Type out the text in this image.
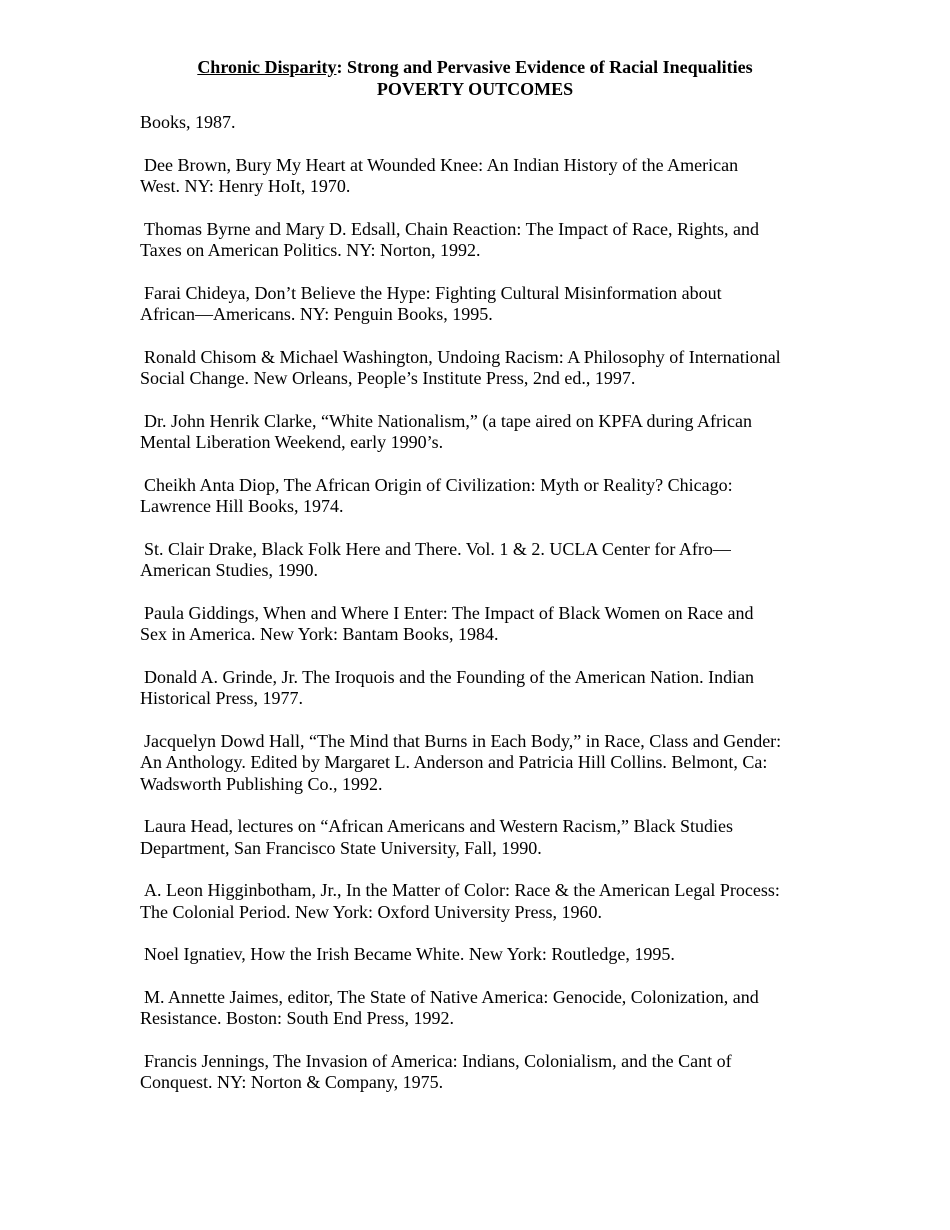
Chronic Disparity: Strong and Pervasive Evidence of Racial Inequalities
POVERTY OUTCOMES

Books, 1987.

Dee Brown, Bury My Heart at Wounded Knee: An Indian History of the American
West. NY: Henry HoIt, 1970.

Thomas Byrne and Mary D. Edsall, Chain Reaction: The Impact of Race, Rights, and
Taxes on American Politics. NY: Norton, 1992.

Farai Chideya, Don’t Believe the Hype: Fighting Cultural Misinformation about
African—Americans. NY: Penguin Books, 1995.

Ronald Chisom & Michael Washington, Undoing Racism: A Philosophy of International
Social Change. New Orleans, People’s Institute Press, 2nd ed., 1997.

Dr. John Henrik Clarke, “White Nationalism,” (a tape aired on KPFA during African
Mental Liberation Weekend, early 1990’s.

Cheikh Anta Diop, The African Origin of Civilization: Myth or Reality? Chicago:
Lawrence Hill Books, 1974.

St. Clair Drake, Black Folk Here and There. Vol. 1 & 2. UCLA Center for Afro—
American Studies, 1990.

Paula Giddings, When and Where I Enter: The Impact of Black Women on Race and
Sex in America. New York: Bantam Books, 1984.

Donald A. Grinde, Jr. The Iroquois and the Founding of the American Nation. Indian
Historical Press, 1977.

Jacquelyn Dowd Hall, “The Mind that Burns in Each Body,” in Race, Class and Gender:
An Anthology. Edited by Margaret L. Anderson and Patricia Hill Collins. Belmont, Ca:
Wadsworth Publishing Co., 1992.

Laura Head, lectures on “African Americans and Western Racism,” Black Studies
Department, San Francisco State University, Fall, 1990.

A. Leon Higginbotham, Jr., In the Matter of Color: Race & the American Legal Process:
The Colonial Period. New York: Oxford University Press, 1960.

Noel Ignatiev, How the Irish Became White. New York: Routledge, 1995.

M. Annette Jaimes, editor, The State of Native America: Genocide, Colonization, and
Resistance. Boston: South End Press, 1992.

Francis Jennings, The Invasion of America: Indians, Colonialism, and the Cant of
Conquest. NY: Norton & Company, 1975.
